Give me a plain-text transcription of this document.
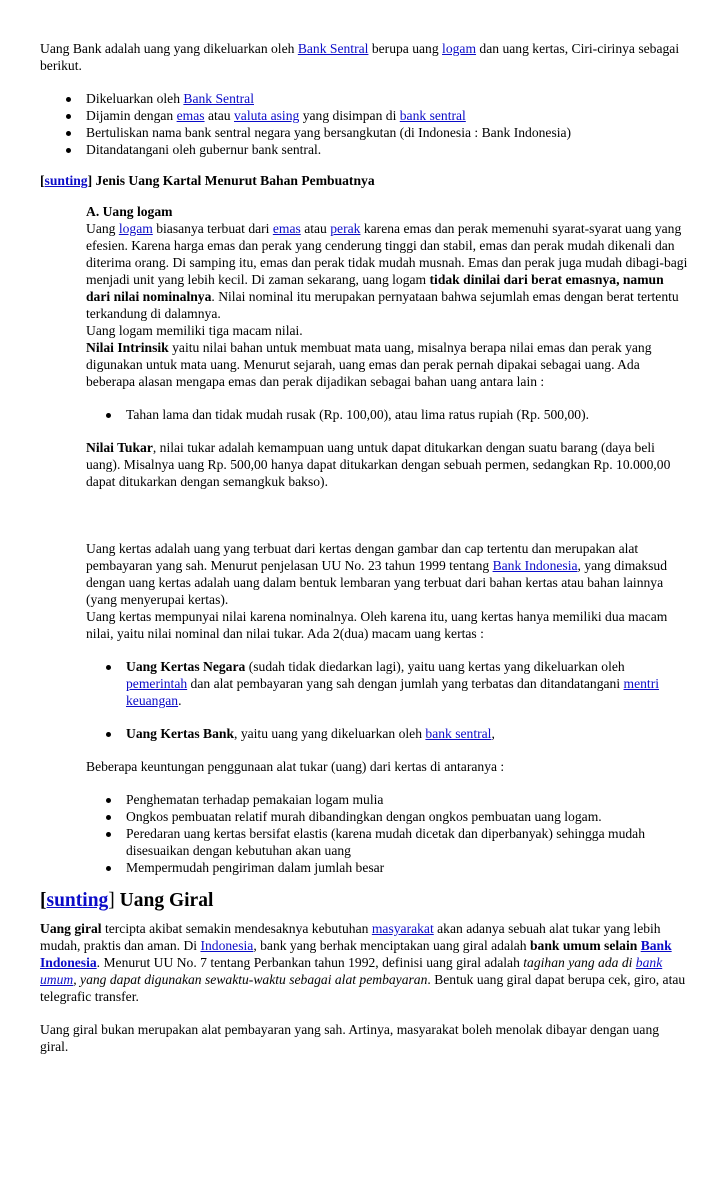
Uang Bank adalah uang yang dikeluarkan oleh Bank Sentral berupa uang logam dan uang kertas, Ciri-cirinya sebagai berikut.

Dikeluarkan oleh Bank Sentral
Dijamin dengan emas atau valuta asing yang disimpan di bank sentral
Bertuliskan nama bank sentral negara yang bersangkutan (di Indonesia : Bank Indonesia)
Ditandatangani oleh gubernur bank sentral.

[sunting] Jenis Uang Kartal Menurut Bahan Pembuatnya

A. Uang logam

Uang logam biasanya terbuat dari emas atau perak karena emas dan perak memenuhi syarat-syarat uang yang efesien. Karena harga emas dan perak yang cenderung tinggi dan stabil, emas dan perak mudah dikenali dan diterima orang. Di samping itu, emas dan perak tidak mudah musnah. Emas dan perak juga mudah dibagi-bagi menjadi unit yang lebih kecil. Di zaman sekarang, uang logam tidak dinilai dari berat emasnya, namun dari nilai nominalnya. Nilai nominal itu merupakan pernyataan bahwa sejumlah emas dengan berat tertentu terkandung di dalamnya.

Uang logam memiliki tiga macam nilai.

Nilai Intrinsik yaitu nilai bahan untuk membuat mata uang, misalnya berapa nilai emas dan perak yang digunakan untuk mata uang. Menurut sejarah, uang emas dan perak pernah dipakai sebagai uang. Ada beberapa alasan mengapa emas dan perak dijadikan sebagai bahan uang antara lain :

Tahan lama dan tidak mudah rusak (Rp. 100,00), atau lima ratus rupiah (Rp. 500,00).

Nilai Tukar, nilai tukar adalah kemampuan uang untuk dapat ditukarkan dengan suatu barang (daya beli uang). Misalnya uang Rp. 500,00 hanya dapat ditukarkan dengan sebuah permen, sedangkan Rp. 10.000,00 dapat ditukarkan dengan semangkuk bakso).

Uang kertas adalah uang yang terbuat dari kertas dengan gambar dan cap tertentu dan merupakan alat pembayaran yang sah. Menurut penjelasan UU No. 23 tahun 1999 tentang Bank Indonesia, yang dimaksud dengan uang kertas adalah uang dalam bentuk lembaran yang terbuat dari bahan kertas atau bahan lainnya (yang menyerupai kertas).

Uang kertas mempunyai nilai karena nominalnya. Oleh karena itu, uang kertas hanya memiliki dua macam nilai, yaitu nilai nominal dan nilai tukar. Ada 2(dua) macam uang kertas :

Uang Kertas Negara (sudah tidak diedarkan lagi), yaitu uang kertas yang dikeluarkan oleh pemerintah dan alat pembayaran yang sah dengan jumlah yang terbatas dan ditandatangani mentri keuangan.
Uang Kertas Bank, yaitu uang yang dikeluarkan oleh bank sentral,

Beberapa keuntungan penggunaan alat tukar (uang) dari kertas di antaranya :

Penghematan terhadap pemakaian logam mulia
Ongkos pembuatan relatif murah dibandingkan dengan ongkos pembuatan uang logam.
Peredaran uang kertas bersifat elastis (karena mudah dicetak dan diperbanyak) sehingga mudah disesuaikan dengan kebutuhan akan uang
Mempermudah pengiriman dalam jumlah besar

[sunting] Uang Giral

Uang giral tercipta akibat semakin mendesaknya kebutuhan masyarakat akan adanya sebuah alat tukar yang lebih mudah, praktis dan aman. Di Indonesia, bank yang berhak menciptakan uang giral adalah bank umum selain Bank Indonesia. Menurut UU No. 7 tentang Perbankan tahun 1992, definisi uang giral adalah tagihan yang ada di bank umum, yang dapat digunakan sewaktu-waktu sebagai alat pembayaran. Bentuk uang giral dapat berupa cek, giro, atau telegrafic transfer.

Uang giral bukan merupakan alat pembayaran yang sah. Artinya, masyarakat boleh menolak dibayar dengan uang giral.
